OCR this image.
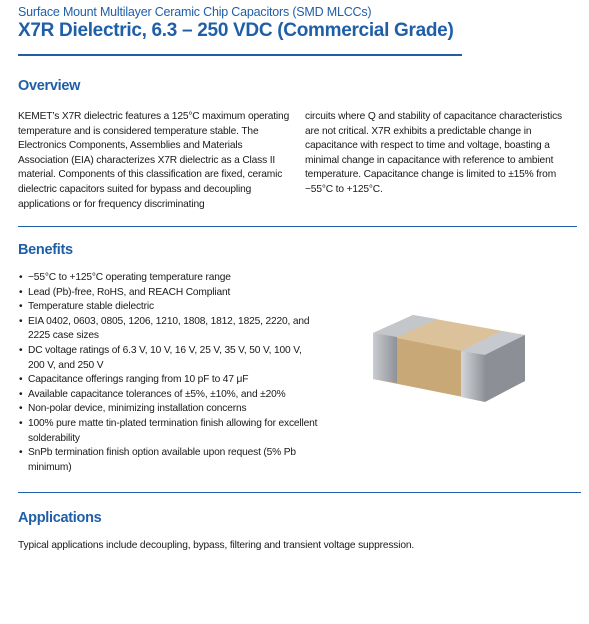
Surface Mount Multilayer Ceramic Chip Capacitors (SMD MLCCs)
X7R Dielectric, 6.3 – 250 VDC (Commercial Grade)
Overview

KEMET’s X7R dielectric features a 125°C maximum operating temperature and is considered temperature stable. The Electronics Components, Assemblies and Materials Association (EIA) characterizes X7R dielectric as a Class II material. Components of this classification are fixed, ceramic dielectric capacitors suited for bypass and decoupling applications or for frequency discriminating

circuits where Q and stability of capacitance characteristics are not critical. X7R exhibits a predictable change in capacitance with respect to time and voltage, boasting a minimal change in capacitance with reference to ambient temperature. Capacitance change is limited to ±15% from −55°C to +125°C.

Benefits
• −55°C to +125°C operating temperature range
• Lead (Pb)-free, RoHS, and REACH Compliant
• Temperature stable dielectric
• EIA 0402, 0603, 0805, 1206, 1210, 1808, 1812, 1825, 2220, and 2225 case sizes
• DC voltage ratings of 6.3 V, 10 V, 16 V, 25 V, 35 V, 50 V, 100 V, 200 V, and 250 V
• Capacitance offerings ranging from 10 pF to 47 μF
• Available capacitance tolerances of ±5%, ±10%, and ±20%
• Non-polar device, minimizing installation concerns
• 100% pure matte tin-plated termination finish allowing for excellent solderability
• SnPb termination finish option available upon request (5% Pb minimum)
Applications

Typical applications include decoupling, bypass, filtering and transient voltage suppression.
